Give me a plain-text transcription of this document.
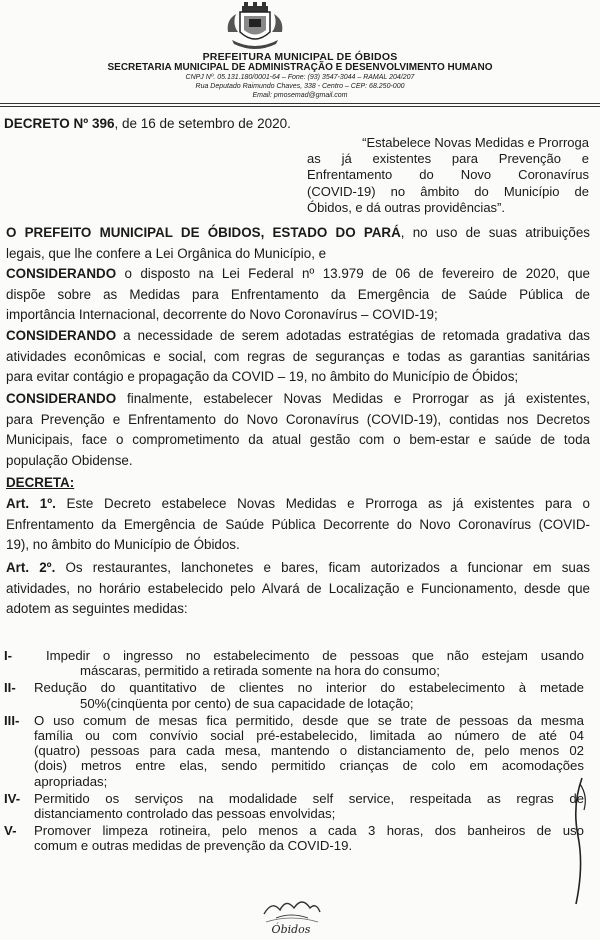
PREFEITURA MUNICIPAL DE ÓBIDOS
SECRETARIA MUNICIPAL DE ADMINISTRAÇÃO E DESENVOLVIMENTO HUMANO
CNPJ Nº. 05.131.180/0001-64 – Fone: (93) 3547-3044 – RAMAL 204/207
Rua Deputado Raimundo Chaves, 338 - Centro – CEP: 68.250-000
Email: pmosemad@gmail.com
DECRETO Nº 396, de 16 de setembro de 2020.
“Estabelece Novas Medidas e Prorroga
as já existentes para Prevenção e
Enfrentamento do Novo Coronavírus
(COVID-19) no âmbito do Município de
Óbidos, e dá outras providências”.
O PREFEITO MUNICIPAL DE ÓBIDOS, ESTADO DO PARÁ, no uso de suas atribuições
legais, que lhe confere a Lei Orgânica do Município, e
CONSIDERANDO o disposto na Lei Federal nº 13.979 de 06 de fevereiro de 2020, que
dispõe sobre as Medidas para Enfrentamento da Emergência de Saúde Pública de
importância Internacional, decorrente do Novo Coronavírus – COVID-19;
CONSIDERANDO a necessidade de serem adotadas estratégias de retomada gradativa das
atividades econômicas e social, com regras de seguranças e todas as garantias sanitárias
para evitar contágio e propagação da COVID – 19, no âmbito do Município de Óbidos;
CONSIDERANDO finalmente, estabelecer Novas Medidas e Prorrogar as já existentes,
para Prevenção e Enfrentamento do Novo Coronavírus (COVID-19), contidas nos Decretos
Municipais, face o comprometimento da atual gestão com o bem-estar e saúde de toda
população Obidense.
DECRETA:
Art. 1º. Este Decreto estabelece Novas Medidas e Prorroga as já existentes para o
Enfrentamento da Emergência de Saúde Pública Decorrente do Novo Coronavírus (COVID-
19), no âmbito do Município de Óbidos.
Art. 2º. Os restaurantes, lanchonetes e bares, ficam autorizados a funcionar em suas
atividades, no horário estabelecido pelo Alvará de Localização e Funcionamento, desde que
adotem as seguintes medidas:
I-	Impedir o ingresso no estabelecimento de pessoas que não estejam usando
máscaras, permitido a retirada somente na hora do consumo;
II-	Redução do quantitativo de clientes no interior do estabelecimento à metade
50%(cinqüenta por cento) de sua capacidade de lotação;
III-	O uso comum de mesas fica permitido, desde que se trate de pessoas da mesma
família ou com convívio social pré-estabelecido, limitada ao número de até 04
(quatro) pessoas para cada mesa, mantendo o distanciamento de, pelo menos 02
(dois) metros entre elas, sendo permitido crianças de colo em acomodações
apropriadas;
IV-	Permitido os serviços na modalidade self service, respeitada as regras de
distanciamento controlado das pessoas envolvidas;
V-	Promover limpeza rotineira, pelo menos a cada 3 horas, dos banheiros de uso
comum e outras medidas de prevenção da COVID-19.
Óbidos
